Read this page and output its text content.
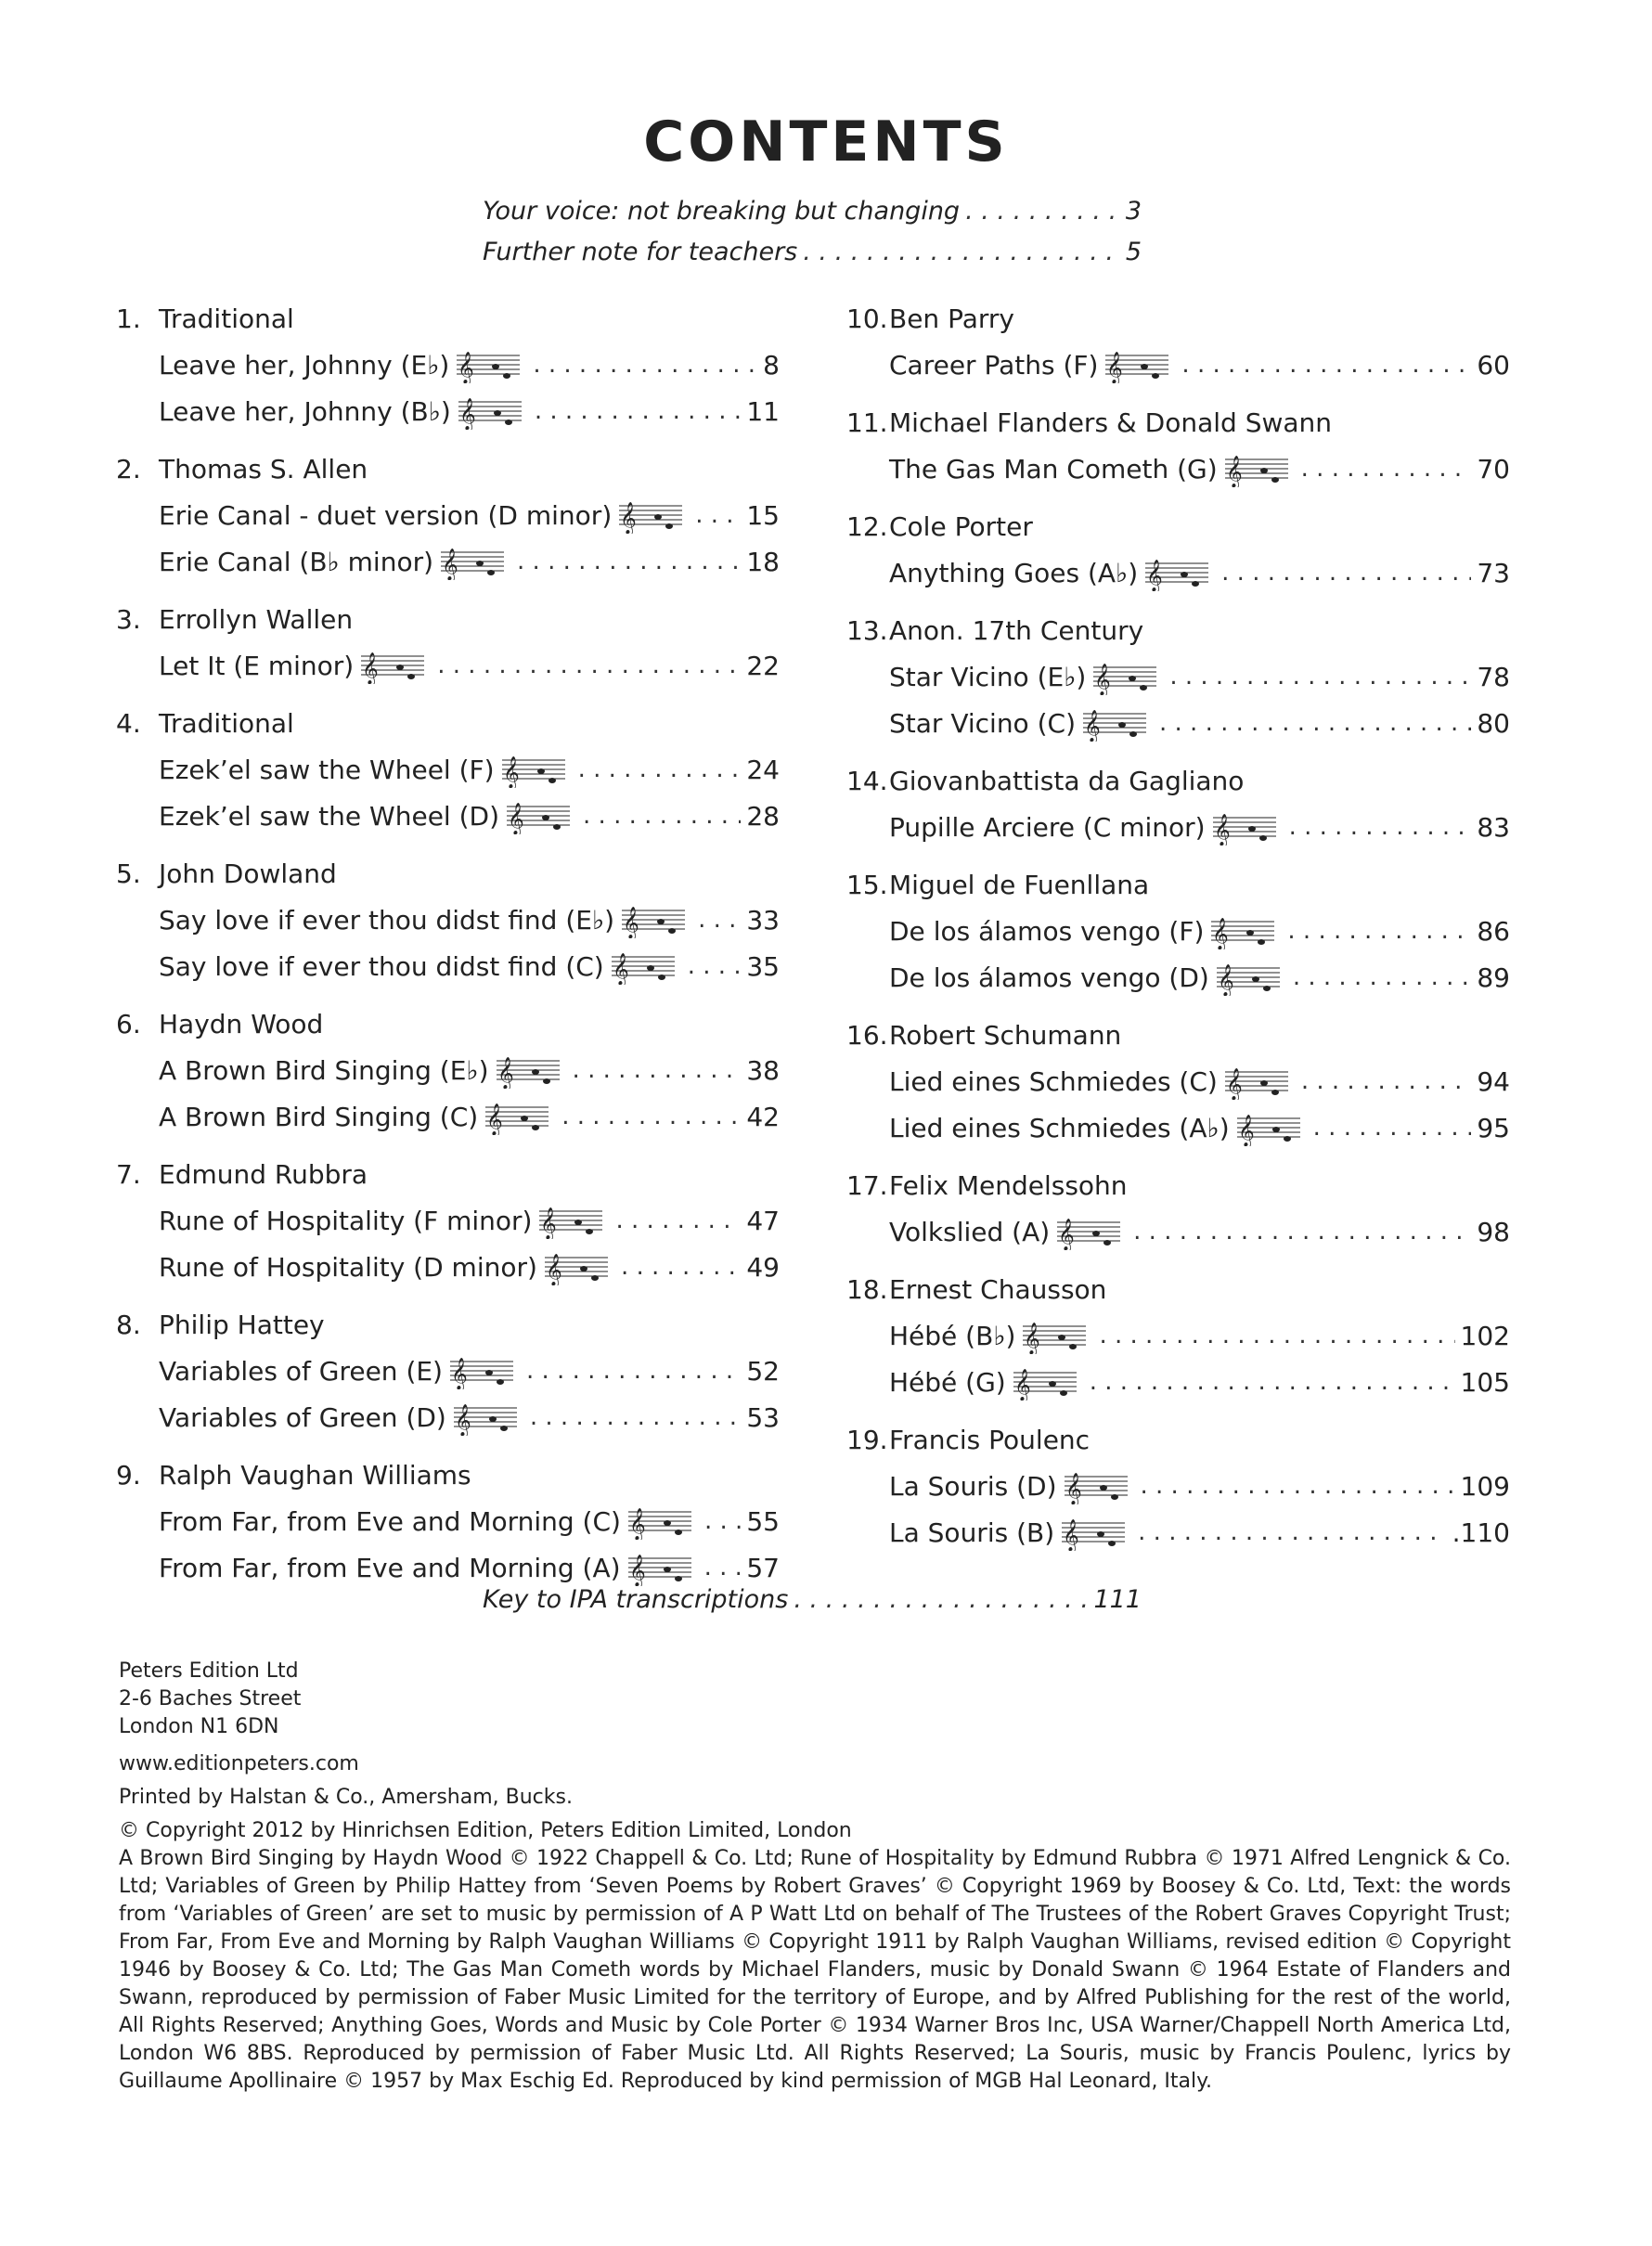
CONTENTS
Your voice: not breaking but changing . . .	3
Further note for teachers . . .	5
1. Traditional
Leave her, Johnny (E♭) 𝄞 . . .	8
Leave her, Johnny (B♭) 𝄞 . . .	11
2. Thomas S. Allen
Erie Canal - duet version (D minor) 𝄞 . . .	15
Erie Canal (B♭ minor) 𝄞 . . .	18
3. Errollyn Wallen
Let It (E minor) 𝄞 . . .	22
4. Traditional
Ezek’el saw the Wheel (F) 𝄞 . . .	24
Ezek’el saw the Wheel (D) 𝄞 . . .	28
5. John Dowland
Say love if ever thou didst find (E♭) 𝄞 . . .	33
Say love if ever thou didst find (C) 𝄞 . . .	35
6. Haydn Wood
A Brown Bird Singing (E♭) 𝄞 . . .	38
A Brown Bird Singing (C) 𝄞 . . .	42
7. Edmund Rubbra
Rune of Hospitality (F minor) 𝄞 . . .	47
Rune of Hospitality (D minor) 𝄞 . . .	49
8. Philip Hattey
Variables of Green (E) 𝄞 . . .	52
Variables of Green (D) 𝄞 . . .	53
9. Ralph Vaughan Williams
From Far, from Eve and Morning (C) 𝄞 . . .	55
From Far, from Eve and Morning (A) 𝄞 . . .	57
10. Ben Parry
Career Paths (F) 𝄞 . . .	60
11. Michael Flanders & Donald Swann
The Gas Man Cometh (G) 𝄞 . . .	70
12. Cole Porter
Anything Goes (A♭) 𝄞 . . .	73
13. Anon. 17th Century
Star Vicino (E♭) 𝄞 . . .	78
Star Vicino (C) 𝄞 . . .	80
14. Giovanbattista da Gagliano
Pupille Arciere (C minor) 𝄞 . . .	83
15. Miguel de Fuenllana
De los álamos vengo (F) 𝄞 . . .	86
De los álamos vengo (D) 𝄞 . . .	89
16. Robert Schumann
Lied eines Schmiedes (C) 𝄞 . . .	94
Lied eines Schmiedes (A♭) 𝄞 . . .	95
17. Felix Mendelssohn
Volkslied (A) 𝄞 . . .	98
18. Ernest Chausson
Hébé (B♭) 𝄞 . . .	102
Hébé (G) 𝄞 . . .	105
19. Francis Poulenc
La Souris (D) 𝄞 . . .	109
La Souris (B) 𝄞 . . .	.110
Key to IPA transcriptions . . .	111
Peters Edition Ltd
2-6 Baches Street
London N1 6DN
www.editionpeters.com
Printed by Halstan & Co., Amersham, Bucks.
© Copyright 2012 by Hinrichsen Edition, Peters Edition Limited, London
A Brown Bird Singing by Haydn Wood © 1922 Chappell & Co. Ltd; Rune of Hospitality by Edmund Rubbra © 1971 Alfred Lengnick & Co. Ltd; Variables of Green by Philip Hattey from ‘Seven Poems by Robert Graves’ © Copyright 1969 by Boosey & Co. Ltd, Text: the words from ‘Variables of Green’ are set to music by permission of A P Watt Ltd on behalf of The Trustees of the Robert Graves Copyright Trust; From Far, From Eve and Morning by Ralph Vaughan Williams © Copyright 1911 by Ralph Vaughan Williams, revised edition © Copyright 1946 by Boosey & Co. Ltd; The Gas Man Cometh words by Michael Flanders, music by Donald Swann © 1964 Estate of Flanders and Swann, reproduced by permission of Faber Music Limited for the territory of Europe, and by Alfred Publishing for the rest of the world, All Rights Reserved; Anything Goes, Words and Music by Cole Porter © 1934 Warner Bros Inc, USA Warner/Chappell North America Ltd, London W6 8BS. Reproduced by permission of Faber Music Ltd. All Rights Reserved; La Souris, music by Francis Poulenc, lyrics by Guillaume Apollinaire © 1957 by Max Eschig Ed. Reproduced by kind permission of MGB Hal Leonard, Italy.
